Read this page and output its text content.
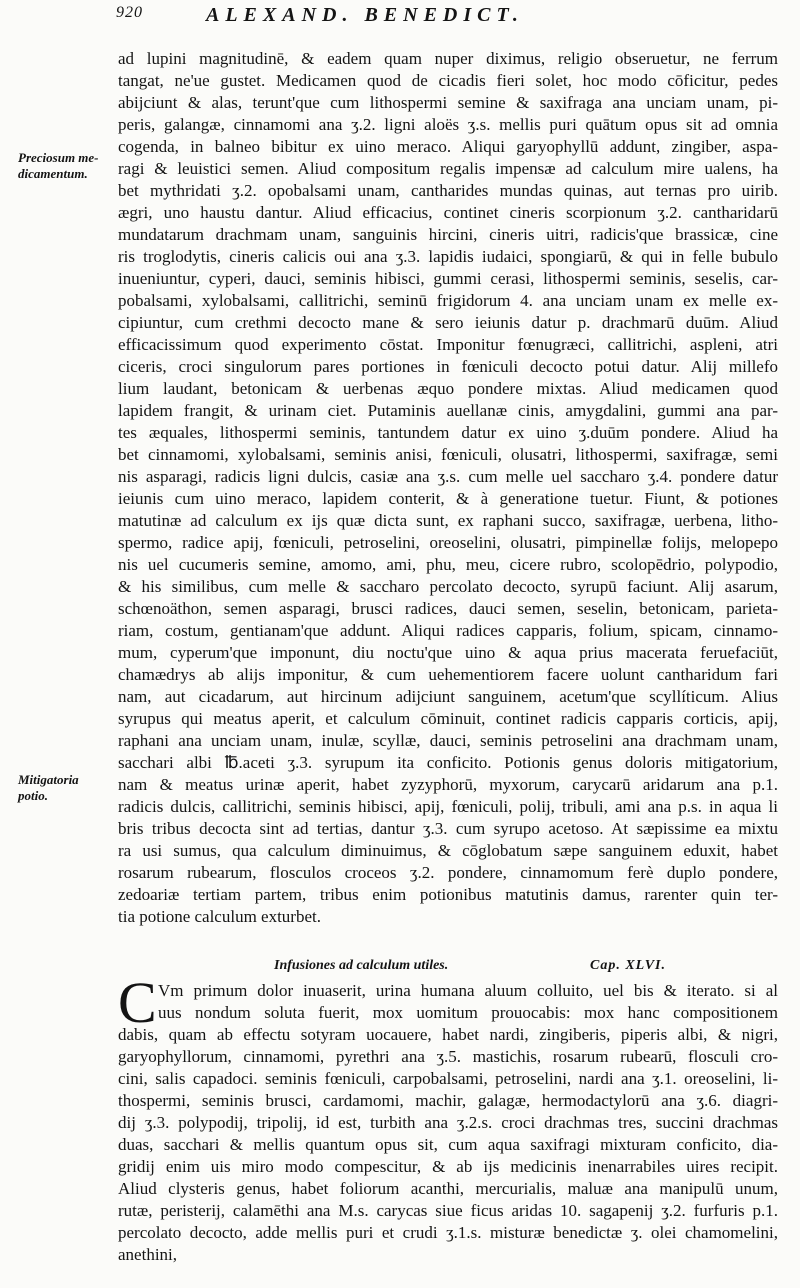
920	ALEXAND. BENEDICT.
Preciosum me-
dicamentum.
Mitigatoria
potio.
ad lupini magnitudinē, & eadem quam nuper diximus, religio obseruetur, ne ferrum
tangat, ne'ue gustet. Medicamen quod de cicadis fieri solet, hoc modo cōficitur, pedes
abijciunt & alas, terunt'que cum lithospermi semine & saxifraga ana unciam unam, pi-
peris, galangæ, cinnamomi ana ʒ.2. ligni aloës ʒ.s. mellis puri quātum opus sit ad omnia
cogenda, in balneo bibitur ex uino meraco. Aliqui garyophyllū addunt, zingiber, aspa-
ragi & leuistici semen. Aliud compositum regalis impensæ ad calculum mire ualens, ha
bet mythridati ʒ.2. opobalsami unam, cantharides mundas quinas, aut ternas pro uirib.
ægri, uno haustu dantur. Aliud efficacius, continet cineris scorpionum ʒ.2. cantharidarū
mundatarum drachmam unam, sanguinis hircini, cineris uitri, radicis'que brassicæ, cine
ris troglodytis, cineris calicis oui ana ʒ.3. lapidis iudaici, spongiarū, & qui in felle bubulo
inueniuntur, cyperi, dauci, seminis hibisci, gummi cerasi, lithospermi seminis, seselis, car-
pobalsami, xylobalsami, callitrichi, seminū frigidorum 4. ana unciam unam ex melle ex-
cipiuntur, cum crethmi decocto mane & sero ieiunis datur p. drachmarū duūm. Aliud
efficacissimum quod experimento cōstat. Imponitur fœnugræci, callitrichi, aspleni, atri
ciceris, croci singulorum pares portiones in fœniculi decocto potui datur. Alij millefo
lium laudant, betonicam & uerbenas æquo pondere mixtas. Aliud medicamen quod
lapidem frangit, & urinam ciet. Putaminis auellanæ cinis, amygdalini, gummi ana par-
tes æquales, lithospermi seminis, tantundem datur ex uino ʒ.duūm pondere. Aliud ha
bet cinnamomi, xylobalsami, seminis anisi, fœniculi, olusatri, lithospermi, saxifragæ, semi
nis asparagi, radicis ligni dulcis, casiæ ana ʒ.s. cum melle uel saccharo ʒ.4. pondere datur
ieiunis cum uino meraco, lapidem conterit, & à generatione tuetur. Fiunt, & potiones
matutinæ ad calculum ex ijs quæ dicta sunt, ex raphani succo, saxifragæ, uerbena, litho-
spermo, radice apij, fœniculi, petroselini, oreoselini, olusatri, pimpinellæ folijs, melopepo
nis uel cucumeris semine, amomo, ami, phu, meu, cicere rubro, scolopēdrio, polypodio,
& his similibus, cum melle & saccharo percolato decocto, syrupū faciunt. Alij asarum,
schœnoäthon, semen asparagi, brusci radices, dauci semen, seselin, betonicam, parieta-
riam, costum, gentianam'que addunt. Aliqui radices capparis, folium, spicam, cinnamo-
mum, cyperum'que imponunt, diu noctu'que uino & aqua prius macerata feruefaciūt,
chamædrys ab alijs imponitur, & cum uehementiorem facere uolunt cantharidum fari
nam, aut cicadarum, aut hircinum adijciunt sanguinem, acetum'que scyllíticum. Alius
syrupus qui meatus aperit, et calculum cōminuit, continet radicis capparis corticis, apij,
raphani ana unciam unam, inulæ, scyllæ, dauci, seminis petroselini ana drachmam unam,
sacchari albi ℔.aceti ʒ.3. syrupum ita conficito. Potionis genus doloris mitigatorium,
nam & meatus urinæ aperit, habet zyzyphorū, myxorum, carycarū aridarum ana p.1.
radicis dulcis, callitrichi, seminis hibisci, apij, fœniculi, polij, tribuli, ami ana p.s. in aqua li
bris tribus decocta sint ad tertias, dantur ʒ.3. cum syrupo acetoso. At sæpissime ea mixtu
ra usi sumus, qua calculum diminuimus, & cōglobatum sæpe sanguinem eduxit, habet
rosarum rubearum, flosculos croceos ʒ.2. pondere, cinnamomum ferè duplo pondere,
zedoariæ tertiam partem, tribus enim potionibus matutinis damus, rarenter quin ter-
tia potione calculum exturbet.
Infusiones ad calculum utiles.	Cap. XLVI.
C Vm primum dolor inuaserit, urina humana aluum colluito, uel bis & iterato. si al
uus nondum soluta fuerit, mox uomitum prouocabis: mox hanc compositionem
dabis, quam ab effectu sotyram uocauere, habet nardi, zingiberis, piperis albi, & nigri,
garyophyllorum, cinnamomi, pyrethri ana ʒ.5. mastichis, rosarum rubearū, flosculi cro-
cini, salis capadoci. seminis fœniculi, carpobalsami, petroselini, nardi ana ʒ.1. oreoselini, li-
thospermi, seminis brusci, cardamomi, machir, galagæ, hermodactylorū ana ʒ.6. diagri-
dij ʒ.3. polypodij, tripolij, id est, turbith ana ʒ.2.s. croci drachmas tres, succini drachmas
duas, sacchari & mellis quantum opus sit, cum aqua saxifragi mixturam conficito, dia-
gridij enim uis miro modo compescitur, & ab ijs medicinis inenarrabiles uires recipit.
Aliud clysteris genus, habet foliorum acanthi, mercurialis, maluæ ana manipulū unum,
rutæ, peristerij, calamēthi ana M.s. carycas siue ficus aridas 10. sagapenij ʒ.2. furfuris p.1.
percolato decocto, adde mellis puri et crudi ʒ.1.s. misturæ benedictæ ʒ. olei chamomelini,
anethini,
